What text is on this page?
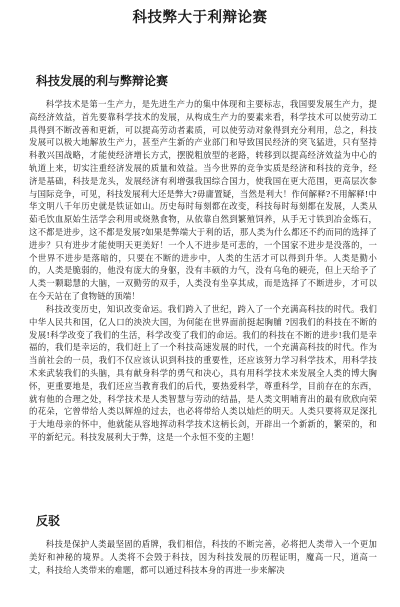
科技弊大于利辩论赛
科技发展的利与弊辩论赛

科学技术是第一生产力，是先进生产力的集中体现和主要标志，我国要发展生产力，提高经济效益，首先要靠科学技术的发展，从构成生产力的要素来看，科学技术可以使劳动工具得到不断改善和更新，可以提高劳动者素质，可以使劳动对象得到充分利用，总之，科技发展可以极大地解放生产力，甚至产生新的产业部门和导致国民经济的突飞猛进，只有坚持科教兴国战略，才能使经济增长方式，摆脱粗放型的老路，转移到以提高经济效益为中心的轨道上来，切实注重经济发展的质量和效益。当今世界的竞争实质是经济和科技的竞争，经济是基础，科技是龙头，发展经济有利增强我国综合国力，使我国在更大范围，更高层次参与国际竞争，可见，科技发展利大还是弊大?毋庸置疑，当然是利大！作何解释?不用解释!中华文明八千年历史就是铁证如山。历史每时每刻都在改变，科技每时每刻都在发展，人类从茹毛饮血原始生活学会利用或烧熟食物，从依靠自然到繁殖饲养，从手无寸铁到冶金炼石，这不都是进步，这不都是发展?如果是弊端大于利的话，那人类为什么都还不约而同的选择了进步？只有进步才能使明天更美好！一个人不进步是可悲的，一个国家不进步是没落的，一个世界不进步是落暗的，只要在不断的进步中，人类的生活才可以得到升华。人类是勤小的，人类是脆弱的，他没有庞大的身躯，没有丰硕的力气，没有乌龟的硬壳，但上天给予了人类一颗聪慧的大脑，一双勤劳的双手，人类没有坐享其成，而是选择了不断进步，才可以在今天站在了食物链的顶端！

科技改变历史，知识改变命运。我们跨入了世纪，跨入了一个充满高科技的时代。我们中华人民共和国，亿人口的泱泱大国，为何能在世界面前挺起胸脯 ?因我们的科技在不断的发展!科学改变了我们的生活，科学改变了我们的命运。我们的科技在不断的进步!我们是幸福的，我们是幸运的，我们赶上了一个科技高速发展的时代，一个充满高科技的时代。作为当前社会的一员，我们不仅应该认识到科技的重要性，还应该努力学习科学技术，用科学技术来武装我们的头脑，具有献身科学的勇气和决心，具有用科学技术来发展全人类的博大胸怀，更重要地是，我们还应当教育我们的后代，要热爱科学，尊重科学，目前存在的东西，就有他的合理之处，科学技术是人类智慧与劳动的结晶，是人类文明哺育出的最有欣欣向荣的花朵，它曾带给人类以辉煌的过去，也必将带给人类以灿烂的明天。人类只要将双足深扎于大地母亲的怀中，他就能从容地挥动科学技术这柄长剑，开辟出一个新新的，繁荣的，和平的新纪元。科技发展利大于弊，这是一个永恒不变的主题！

反驳

科技是保护人类最坚固的盾牌，我们相信，科技的不断完善，必将把人类带入一个更加美好和神秘的境界。人类将不会毁于科技，因为科技发展的历程证明，魔高一尺，道高一丈，科技给人类带来的难题，都可以通过科技本身的再进一步来解决
